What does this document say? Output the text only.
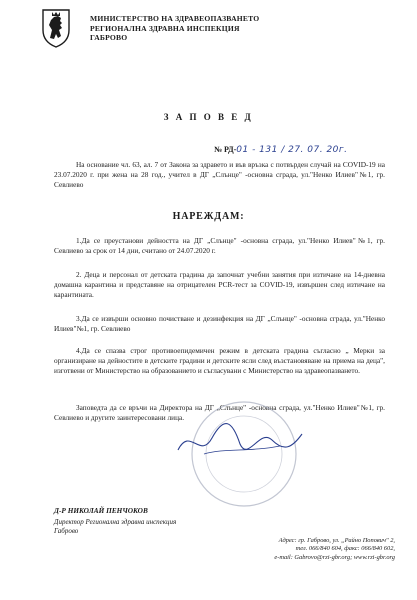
МИНИСТЕРСТВО НА ЗДРАВЕОПАЗВАНЕТО
РЕГИОНАЛНА ЗДРАВНА ИНСПЕКЦИЯ
ГАБРОВО
З А П О В Е Д
№ РД-01 - 131 / 27. 07. 20г.
На основание чл. 63, ал. 7 от Закона за здравето и във връзка с потвърден случай на COVID-19 на 23.07.2020 г. при жена на 28 год., учител в ДГ „Слънце" -основна сграда, ул."Ненко Илиев"№1, гр. Севлиево
НАРЕЖДАМ:
1.Да се преустанови дейността на ДГ „Слънце" -основна сграда, ул."Ненко Илиев"№1, гр. Севлиево за срок от 14 дни, считано от 24.07.2020 г.
2. Деца и персонал от детската градина да започнат учебни занятия при изтичане на 14-дневна домашна карантина и представяне на отрицателен PCR-тест за COVID-19, извършен след изтичане на карантината.
3.Да се извърши основно почистване и дезинфекция на ДГ „Слънце" -основна сграда, ул."Ненко Илиев"№1, гр. Севлиево
4.Да се спазва строг противоепидемичен режим в детската градина съгласно „ Мерки за организиране на дейностите в детските градини и детските ясли след възстановяване на приема на деца", изготвени от Министерство на образованието и съгласувани с Министерство на здравеопазването.
Заповедта да се връчи на Директора на ДГ „Слънце" -основна сграда, ул."Ненко Илиев"№1, гр. Севлиево и другите заинтересовани лица.
Д-Р НИКОЛАЙ ПЕНЧОКОВ
Директор Регионална здравна инспекция
Габрово
Адрес: гр. Габрово, ул. „Райно Попович" 2,
тел. 066/840 604, факс: 066/840 602,
e-mail: Gabrovo@rzi-gbr.org; www.rzi-gbr.org
